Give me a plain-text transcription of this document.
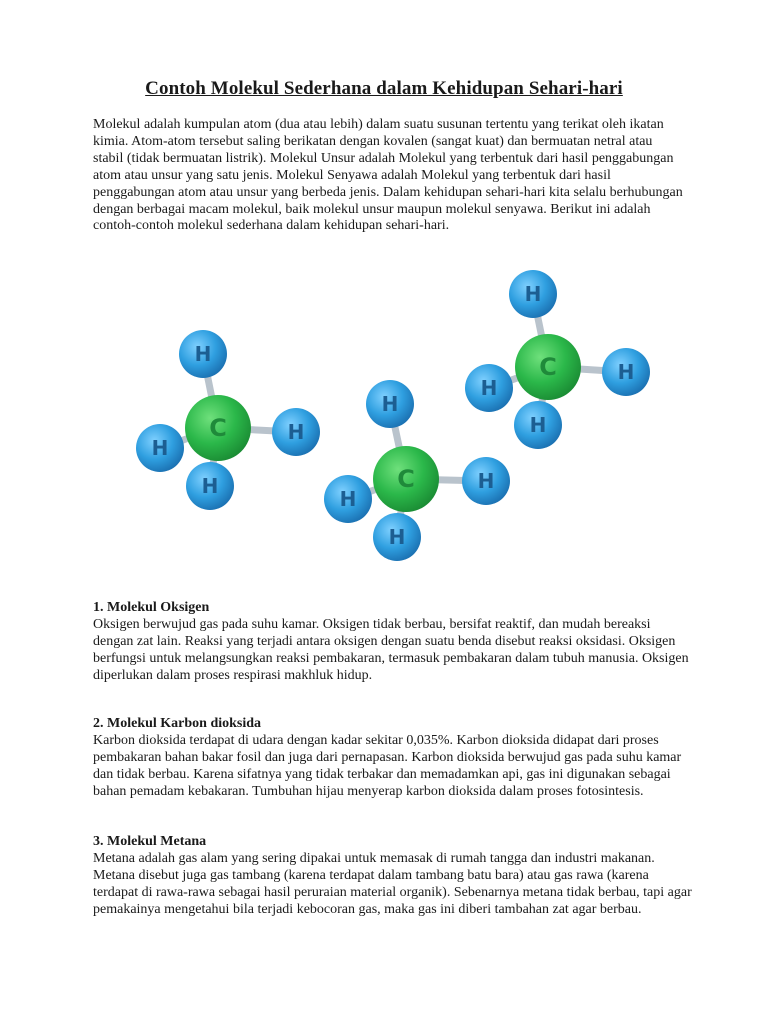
Contoh Molekul Sederhana dalam Kehidupan Sehari-hari
Molekul adalah kumpulan atom (dua atau lebih) dalam suatu susunan tertentu yang terikat oleh ikatan kimia. Atom-atom tersebut saling berikatan dengan kovalen (sangat kuat) dan bermuatan netral atau stabil (tidak bermuatan listrik). Molekul Unsur adalah Molekul yang terbentuk dari hasil penggabungan atom atau unsur yang satu jenis. Molekul Senyawa adalah Molekul yang terbentuk dari hasil penggabungan atom atau unsur yang berbeda jenis. Dalam kehidupan sehari-hari kita selalu berhubungan dengan berbagai macam molekul, baik molekul unsur maupun molekul senyawa. Berikut ini adalah contoh-contoh molekul sederhana dalam kehidupan sehari-hari.
H
H
C	H
H
H
H
C	H
H
H
H
C	H
H
1. Molekul Oksigen

Oksigen berwujud gas pada suhu kamar. Oksigen tidak berbau, bersifat reaktif, dan mudah bereaksi dengan zat lain. Reaksi yang terjadi antara oksigen dengan suatu benda disebut reaksi oksidasi. Oksigen berfungsi untuk melangsungkan reaksi pembakaran, termasuk pembakaran dalam tubuh manusia. Oksigen diperlukan dalam proses respirasi makhluk hidup.

2. Molekul Karbon dioksida

Karbon dioksida terdapat di udara dengan kadar sekitar 0,035%. Karbon dioksida didapat dari proses pembakaran bahan bakar fosil dan juga dari pernapasan. Karbon dioksida berwujud gas pada suhu kamar dan tidak berbau. Karena sifatnya yang tidak terbakar dan memadamkan api, gas ini digunakan sebagai bahan pemadam kebakaran. Tumbuhan hijau menyerap karbon dioksida dalam proses fotosintesis.

3. Molekul Metana

Metana adalah gas alam yang sering dipakai untuk memasak di rumah tangga dan industri makanan. Metana disebut juga gas tambang (karena terdapat dalam tambang batu bara) atau gas rawa (karena terdapat di rawa-rawa sebagai hasil peruraian material organik). Sebenarnya metana tidak berbau, tapi agar pemakainya mengetahui bila terjadi kebocoran gas, maka gas ini diberi tambahan zat agar berbau.
